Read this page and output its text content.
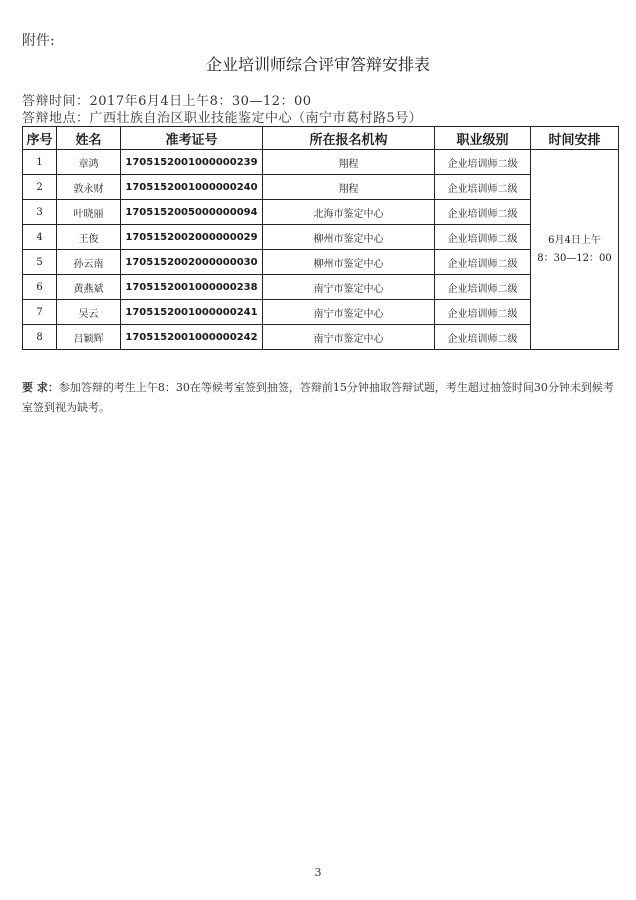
附件:
企业培训师综合评审答辩安排表
答辩时间：2017年6月4日上午8：30—12：00
答辩地点：广西壮族自治区职业技能鉴定中心（南宁市葛村路5号）
序号	姓名	准考证号	所在报名机构	职业级别	时间安排
1	章鸿	1705152001000000239	翔程	企业培训师二级	6月4日上午
8：30—12：00

2	敦永财	1705152001000000240	翔程	企业培训师二级	
3	叶晓丽	1705152005000000094	北海市鉴定中心	企业培训师二级	
4	王俊	1705152002000000029	柳州市鉴定中心	企业培训师二级	
5	孙云南	1705152002000000030	柳州市鉴定中心	企业培训师二级	
6	黄燕斌	1705152001000000238	南宁市鉴定中心	企业培训师二级	
7	吴云	1705152001000000241	南宁市鉴定中心	企业培训师二级	
8	吕颖辉	1705152001000000242	南宁市鉴定中心	企业培训师二级	
要 求：参加答辩的考生上午8：30在等候考室签到抽签，答辩前15分钟抽取答辩试题，考生超过抽签时间30分钟未到候考室签到视为缺考。
3
